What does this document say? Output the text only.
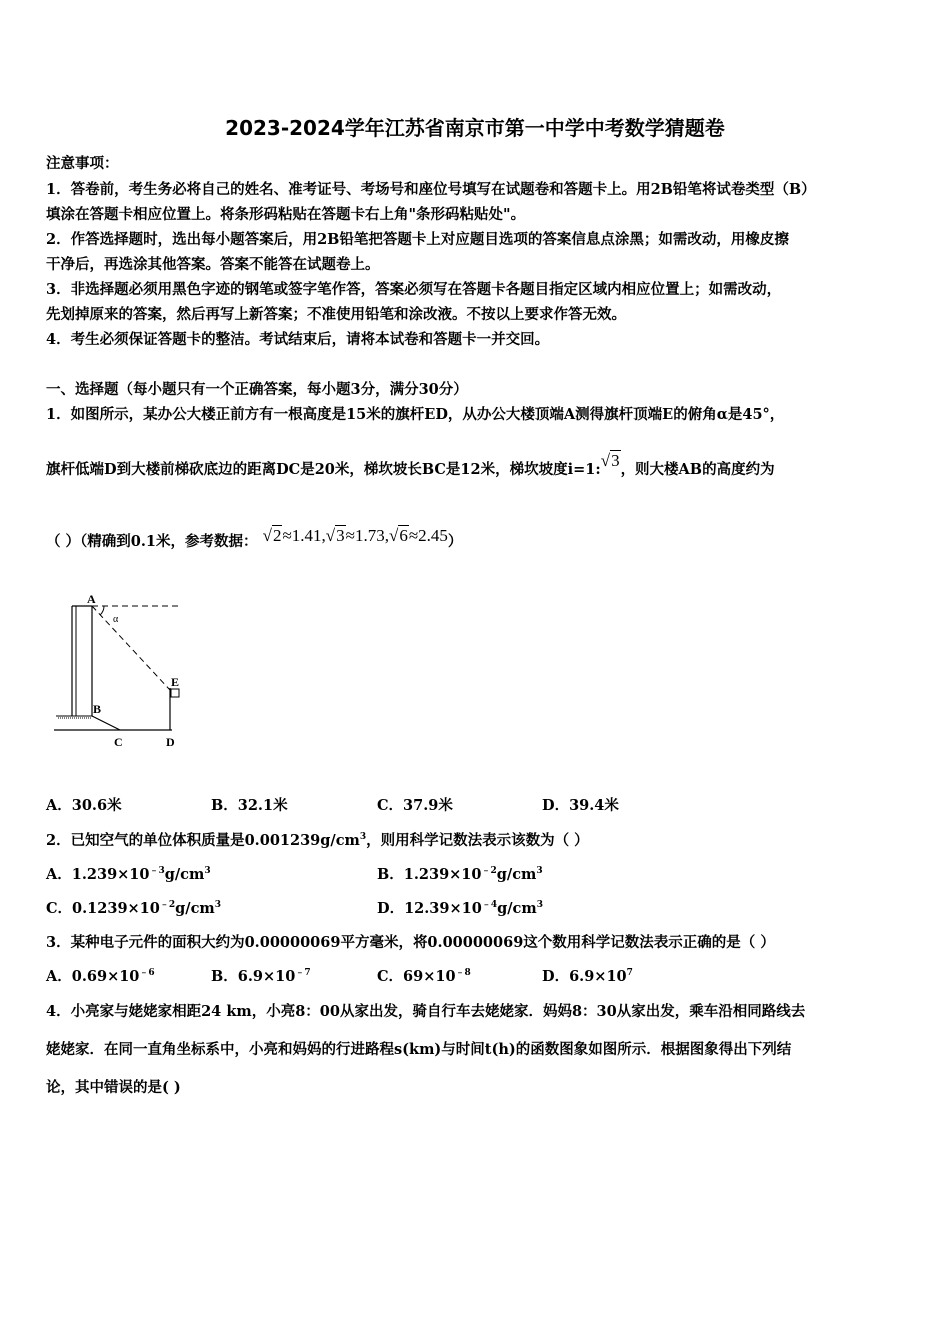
2023-2024学年江苏省南京市第一中学中考数学猜题卷
注意事项：
1．答卷前，考生务必将自己的姓名、准考证号、考场号和座位号填写在试题卷和答题卡上。用2B铅笔将试卷类型（B）
填涂在答题卡相应位置上。将条形码粘贴在答题卡右上角"条形码粘贴处"。
2．作答选择题时，选出每小题答案后，用2B铅笔把答题卡上对应题目选项的答案信息点涂黑；如需改动，用橡皮擦
干净后，再选涂其他答案。答案不能答在试题卷上。
3．非选择题必须用黑色字迹的钢笔或签字笔作答，答案必须写在答题卡各题目指定区域内相应位置上；如需改动，
先划掉原来的答案，然后再写上新答案；不准使用铅笔和涂改液。不按以上要求作答无效。
4．考生必须保证答题卡的整洁。考试结束后，请将本试卷和答题卡一并交回。
一、选择题（每小题只有一个正确答案，每小题3分，满分30分）
1．如图所示，某办公大楼正前方有一根高度是15米的旗杆ED，从办公大楼顶端A测得旗杆顶端E的俯角α是45°，
旗杆低端D到大楼前梯砍底边的距离DC是20米，梯坎坡长BC是12米，梯坎坡度i=1:√3，则大楼AB的高度约为
（ ）（精确到0.1米，参考数据： √2≈1.41,√3≈1.73,√6≈2.45）
A
α
E
B
C	D
A．30.6米	B．32.1米	C．37.9米	D．39.4米
2．已知空气的单位体积质量是$0.001239g/cm^3$，则用科学记数法表示该数为（ ）
A．$1.239\times 10^{﹣3}g/cm^3$	B．$1.239\times 10^{﹣2}g/cm^3$
C．$0.1239\times 10^{﹣2}g/cm^3$	D．$12.39\times 10^{﹣4}g/cm^3$
3．某种电子元件的面积大约为0.00000069平方毫米，将0.00000069这个数用科学记数法表示正确的是（ ）
A．$0.69\times 10^{﹣6}$	B．$6.9\times 10^{﹣7}$	C．$69\times 10^{﹣8}$	D．$6.9\times 10^7$
4．小亮家与姥姥家相距24 km，小亮8：00从家出发，骑自行车去姥姥家．妈妈8：30从家出发，乘车沿相同路线去
姥姥家．在同一直角坐标系中，小亮和妈妈的行进路程s(km)与时间t(h)的函数图象如图所示．根据图象得出下列结
论，其中错误的是( )
